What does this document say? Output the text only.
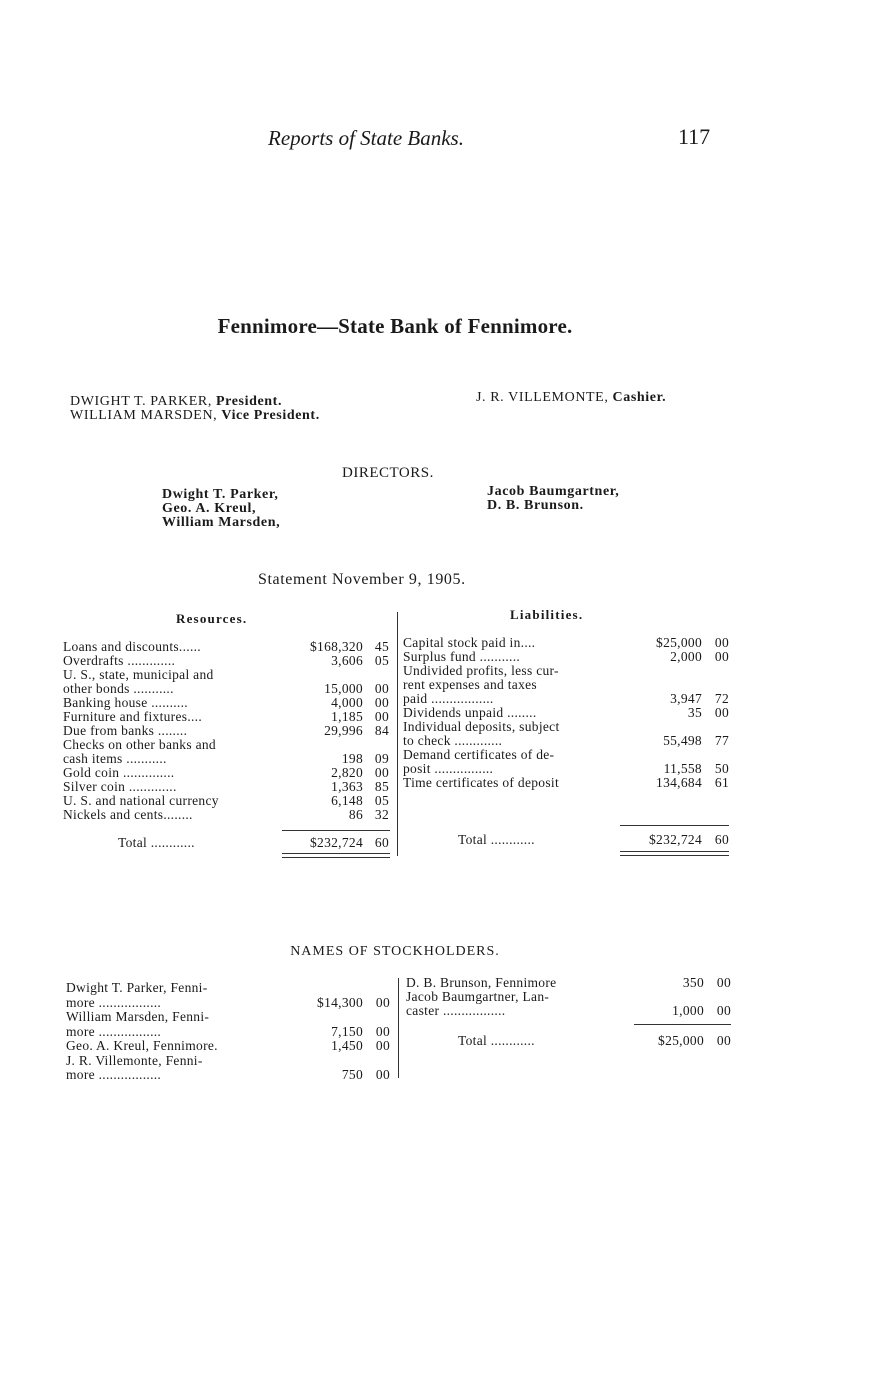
Reports of State Banks.	117
Fennimore—State Bank of Fennimore.
DWIGHT T. PARKER, President.
WILLIAM MARSDEN, Vice President.
J. R. VILLEMONTE, Cashier.
DIRECTORS.
Dwight T. Parker,
Geo. A. Kreul,
William Marsden,
Jacob Baumgartner,
D. B. Brunson.
Statement November 9, 1905.
Resources.	Liabilities.
Loans and discounts......	$168,320 45
Overdrafts .............	3,606 05
U. S., state, municipal and
other bonds ...........	15,000 00
Banking house ..........	4,000 00
Furniture and fixtures....	1,185 00
Due from banks ........	29,996 84
Checks on other banks and
cash items ...........	198 09
Gold coin ..............	2,820 00
Silver coin .............	1,363 85
U. S. and national currency	6,148 05
Nickels and cents........	86 32
Capital stock paid in....	$25,000 00
Surplus fund ...........	2,000 00
Undivided profits, less cur-
rent expenses and taxes
paid .................	3,947 72
Dividends unpaid ........	35 00
Individual deposits, subject
to check .............	55,498 77
Demand certificates of de-
posit ................	11,558 50
Time certificates of deposit	134,684 61
Total ............	$232,724 60	Total ............	$232,724 60
NAMES OF STOCKHOLDERS.
Dwight T. Parker, Fenni-
more .................	$14,300 00
William Marsden, Fenni-
more .................	7,150 00
Geo. A. Kreul, Fennimore.	1,450 00
J. R. Villemonte, Fenni-
more .................	750 00
D. B. Brunson, Fennimore	350 00
Jacob Baumgartner, Lan-
caster .................	1,000 00
Total ............	$25,000 00
